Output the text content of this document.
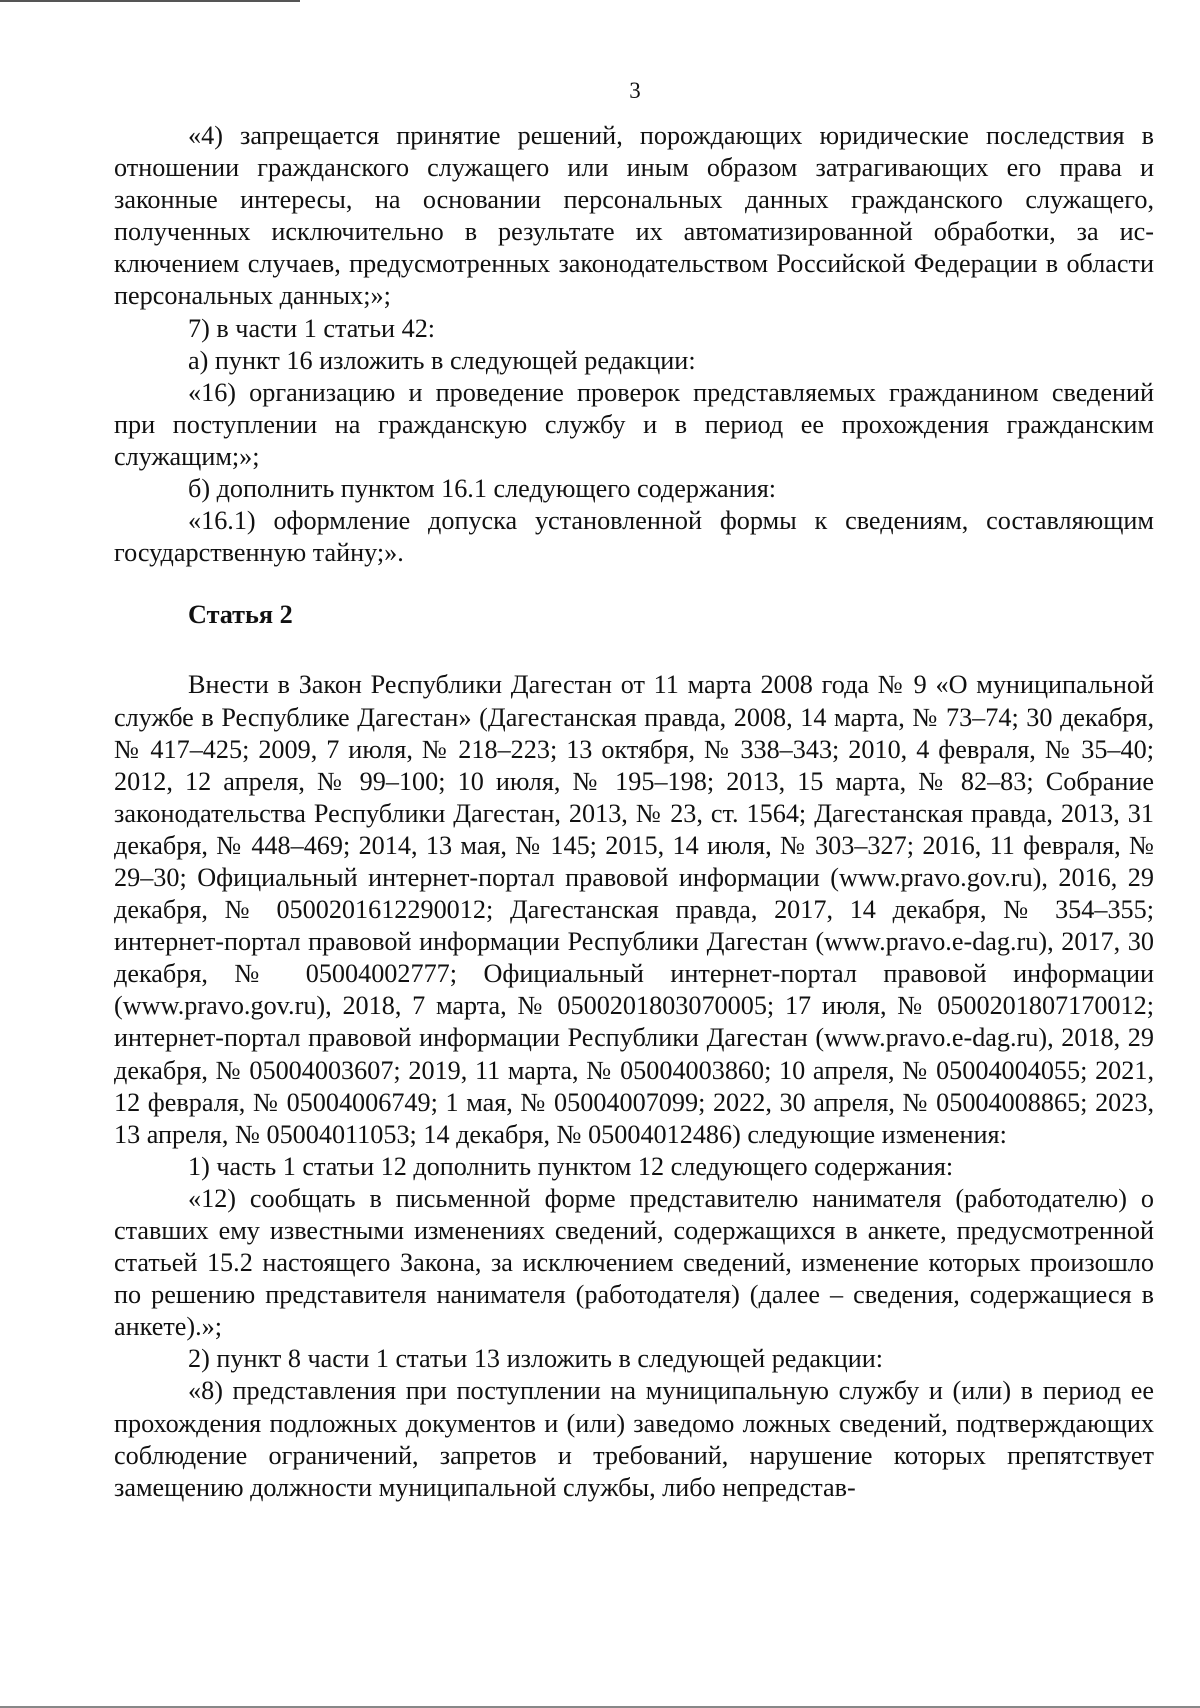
3

«4) запрещается принятие решений, порождающих юридические последствия в отношении гражданского служащего или иным образом затрагивающих его права и законные интересы, на основании персональных данных гражданского служащего, полученных исключительно в результате их автоматизированной обработки, за исключением случаев, предусмотренных законодательством Российской Федерации в области персональных данных;»;

7) в части 1 статьи 42:

а) пункт 16 изложить в следующей редакции:

«16) организацию и проведение проверок представляемых гражданином сведений при поступлении на гражданскую службу и в период ее прохождения гражданским служащим;»;

б) дополнить пунктом 16.1 следующего содержания:

«16.1) оформление допуска установленной формы к сведениям, составляющим государственную тайну;».

Статья 2

Внести в Закон Республики Дагестан от 11 марта 2008 года № 9 «О муниципальной службе в Республике Дагестан» (Дагестанская правда, 2008, 14 марта, № 73–74; 30 декабря, № 417–425; 2009, 7 июля, № 218–223; 13 октября, № 338–343; 2010, 4 февраля, № 35–40; 2012, 12 апреля, № 99–100; 10 июля, № 195–198; 2013, 15 марта, № 82–83; Собрание законодательства Республики Дагестан, 2013, № 23, ст. 1564; Дагестанская правда, 2013, 31 декабря, № 448–469; 2014, 13 мая, № 145; 2015, 14 июля, № 303–327; 2016, 11 февраля, № 29–30; Официальный интернет-портал правовой информации (www.pravo.gov.ru), 2016, 29 декабря, № 0500201612290012; Дагестанская правда, 2017, 14 декабря, № 354–355; интернет-портал правовой информации Республики Дагестан (www.pravo.e-dag.ru), 2017, 30 декабря, № 05004002777; Официальный интернет-портал правовой информации (www.pravo.gov.ru), 2018, 7 марта, № 0500201803070005; 17 июля, № 0500201807170012; интернет-портал правовой информации Республики Дагестан (www.pravo.e-dag.ru), 2018, 29 декабря, № 05004003607; 2019, 11 марта, № 05004003860; 10 апреля, № 05004004055; 2021, 12 февраля, № 05004006749; 1 мая, № 05004007099; 2022, 30 апреля, № 05004008865; 2023, 13 апреля, № 05004011053; 14 декабря, № 05004012486) следующие изменения:

1) часть 1 статьи 12 дополнить пунктом 12 следующего содержания:

«12) сообщать в письменной форме представителю нанимателя (работодателю) о ставших ему известными изменениях сведений, содержащихся в анкете, предусмотренной статьей 15.2 настоящего Закона, за исключением сведений, изменение которых произошло по решению представителя нанимателя (работодателя) (далее – сведения, содержащиеся в анкете).»;

2) пункт 8 части 1 статьи 13 изложить в следующей редакции:

«8) представления при поступлении на муниципальную службу и (или) в период ее прохождения подложных документов и (или) заведомо ложных сведений, подтверждающих соблюдение ограничений, запретов и требований, нарушение которых препятствует замещению должности муниципальной службы, либо непредстав-
